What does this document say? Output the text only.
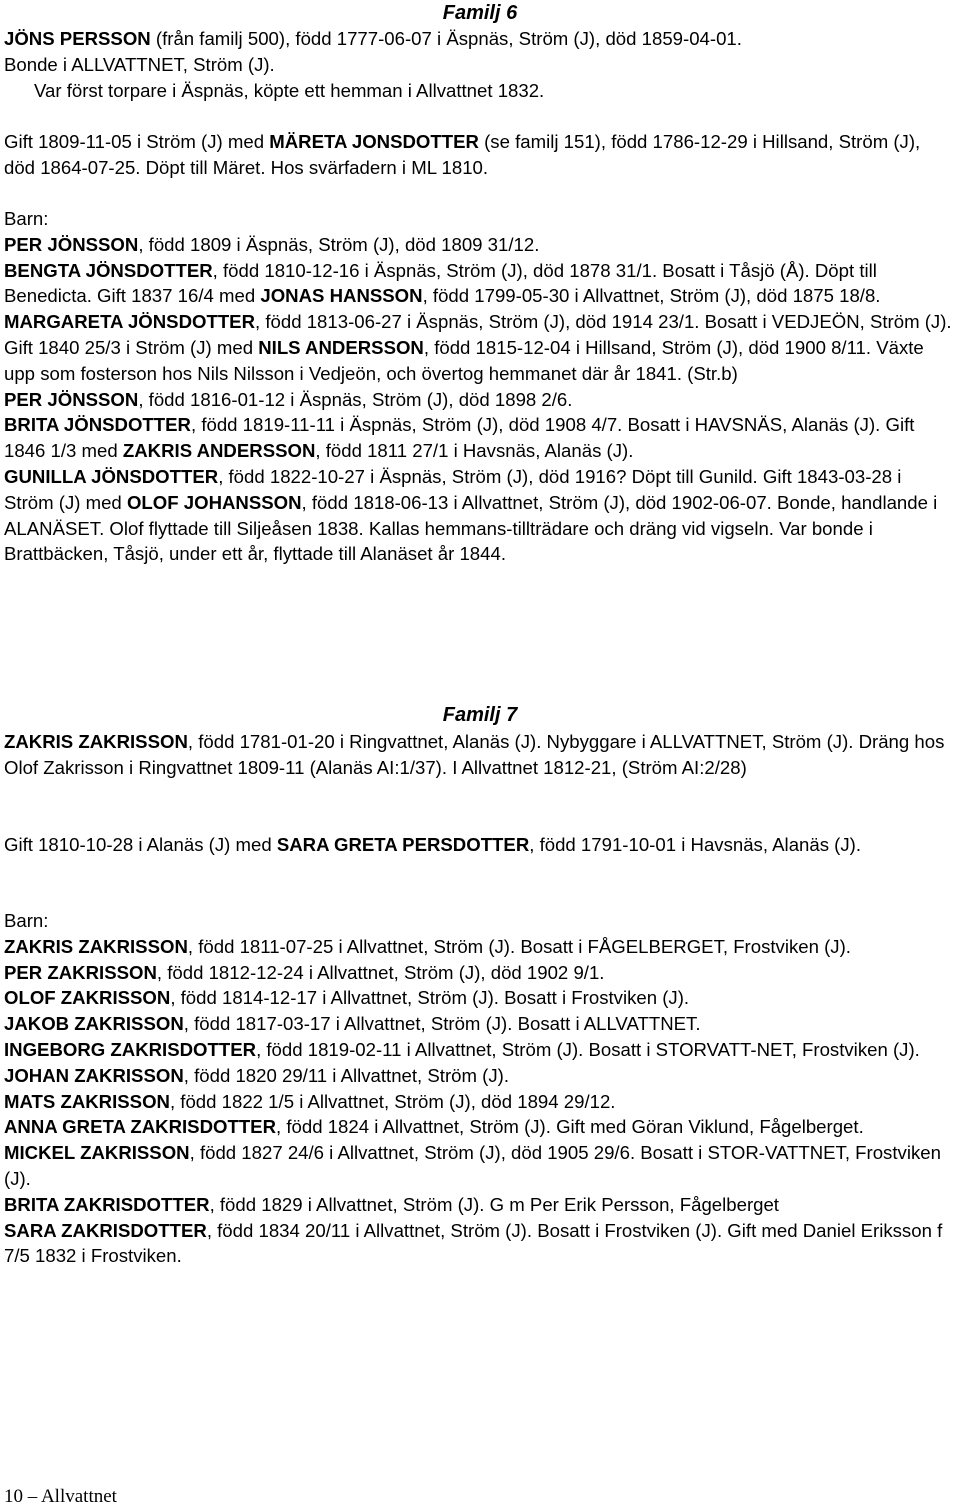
Familj 6
JÖNS PERSSON (från familj 500), född 1777-06-07 i Äspnäs, Ström (J), död 1859-04-01.
Bonde i ALLVATTNET, Ström (J).
Var först torpare i Äspnäs, köpte ett hemman i Allvattnet 1832.
Gift 1809-11-05 i Ström (J) med MÄRETA JONSDOTTER (se familj 151), född 1786-12-29 i Hillsand, Ström (J), död 1864-07-25. Döpt till Märet. Hos svärfadern i ML 1810.
Barn:
PER JÖNSSON, född 1809 i Äspnäs, Ström (J), död 1809 31/12.
BENGTA JÖNSDOTTER, född 1810-12-16 i Äspnäs, Ström (J), död 1878 31/1. Bosatt i Tåsjö (Å). Döpt till Benedicta. Gift 1837 16/4 med JONAS HANSSON, född 1799-05-30 i Allvattnet, Ström (J), död 1875 18/8.
MARGARETA JÖNSDOTTER, född 1813-06-27 i Äspnäs, Ström (J), död 1914 23/1. Bosatt i VEDJEÖN, Ström (J). Gift 1840 25/3 i Ström (J) med NILS ANDERSSON, född 1815-12-04 i Hillsand, Ström (J), död 1900 8/11. Växte upp som fosterson hos Nils Nilsson i Vedjeön, och övertog hemmanet där år 1841. (Str.b)
PER JÖNSSON, född 1816-01-12 i Äspnäs, Ström (J), död 1898 2/6.
BRITA JÖNSDOTTER, född 1819-11-11 i Äspnäs, Ström (J), död 1908 4/7. Bosatt i HAVSNÄS, Alanäs (J). Gift 1846 1/3 med ZAKRIS ANDERSSON, född 1811 27/1 i Havsnäs, Alanäs (J).
GUNILLA JÖNSDOTTER, född 1822-10-27 i Äspnäs, Ström (J), död 1916? Döpt till Gunild. Gift 1843-03-28 i Ström (J) med OLOF JOHANSSON, född 1818-06-13 i Allvattnet, Ström (J), död 1902-06-07. Bonde, handlande i ALANÄSET. Olof flyttade till Siljeåsen 1838. Kallas hemmans-tillträdare och dräng vid vigseln. Var bonde i Brattbäcken, Tåsjö, under ett år, flyttade till Alanäset år 1844.
Familj 7
ZAKRIS ZAKRISSON, född 1781-01-20 i Ringvattnet, Alanäs (J). Nybyggare i ALLVATTNET, Ström (J). Dräng hos Olof Zakrisson i Ringvattnet 1809-11 (Alanäs AI:1/37). I Allvattnet 1812-21, (Ström AI:2/28)
Gift 1810-10-28 i Alanäs (J) med SARA GRETA PERSDOTTER, född 1791-10-01 i Havsnäs, Alanäs (J).
Barn:
ZAKRIS ZAKRISSON, född 1811-07-25 i Allvattnet, Ström (J). Bosatt i FÅGELBERGET, Frostviken (J).
PER ZAKRISSON, född 1812-12-24 i Allvattnet, Ström (J), död 1902 9/1.
OLOF ZAKRISSON, född 1814-12-17 i Allvattnet, Ström (J). Bosatt i Frostviken (J).
JAKOB ZAKRISSON, född 1817-03-17 i Allvattnet, Ström (J). Bosatt i ALLVATTNET.
INGEBORG ZAKRISDOTTER, född 1819-02-11 i Allvattnet, Ström (J). Bosatt i STORVATT-NET, Frostviken (J).
JOHAN ZAKRISSON, född 1820 29/11 i Allvattnet, Ström (J).
MATS ZAKRISSON, född 1822 1/5 i Allvattnet, Ström (J), död 1894 29/12.
ANNA GRETA ZAKRISDOTTER, född 1824 i Allvattnet, Ström (J). Gift med Göran Viklund, Fågelberget.
MICKEL ZAKRISSON, född 1827 24/6 i Allvattnet, Ström (J), död 1905 29/6. Bosatt i STOR-VATTNET, Frostviken (J).
BRITA ZAKRISDOTTER, född 1829 i Allvattnet, Ström (J). G m Per Erik Persson, Fågelberget
SARA ZAKRISDOTTER, född 1834 20/11 i Allvattnet, Ström (J). Bosatt i Frostviken (J). Gift med Daniel Eriksson f 7/5 1832 i Frostviken.
10 – Allvattnet
